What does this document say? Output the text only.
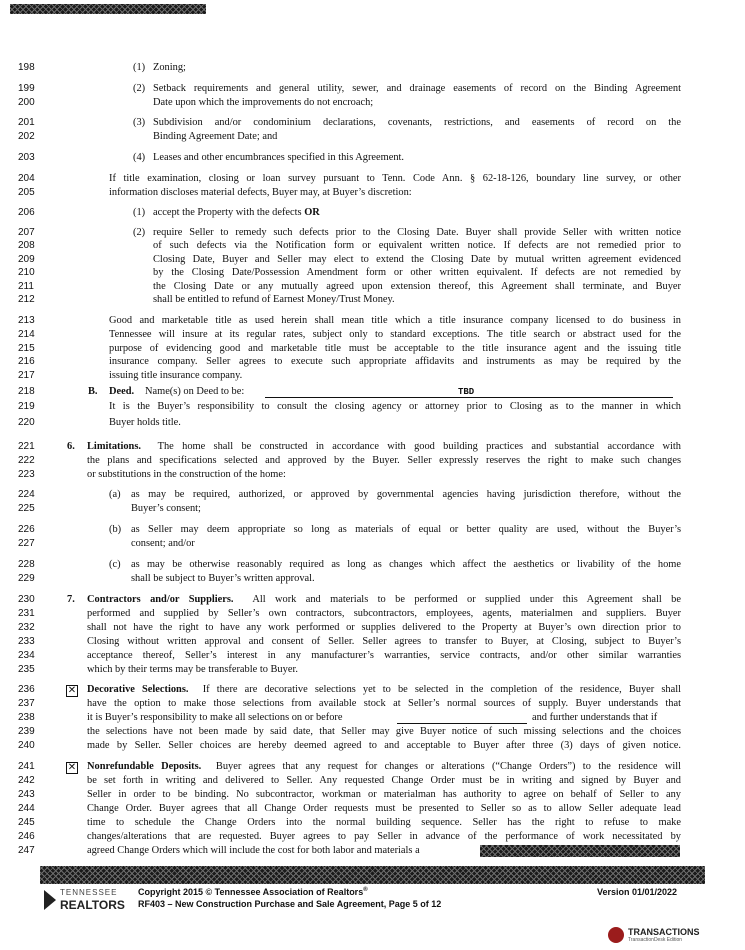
198	(1) Zoning;
199	(2) Setback requirements and general utility, sewer, and drainage easements of record on the Binding Agreement
200	Date upon which the improvements do not encroach;
201	(3) Subdivision and/or condominium declarations, covenants, restrictions, and easements of record on the
202	Binding Agreement Date; and
203	(4) Leases and other encumbrances specified in this Agreement.
204	If title examination, closing or loan survey pursuant to Tenn. Code Ann. § 62-18-126, boundary line survey, or other
205	information discloses material defects, Buyer may, at Buyer’s discretion:
206	(1) accept the Property with the defects OR
207	(2) require Seller to remedy such defects prior to the Closing Date. Buyer shall provide Seller with written notice
208	of such defects via the Notification form or equivalent written notice. If defects are not remedied prior to
209	Closing Date, Buyer and Seller may elect to extend the Closing Date by mutual written agreement evidenced
210	by the Closing Date/Possession Amendment form or other written equivalent. If defects are not remedied by
211	the Closing Date or any mutually agreed upon extension thereof, this Agreement shall terminate, and Buyer
212	shall be entitled to refund of Earnest Money/Trust Money.
213	Good and marketable title as used herein shall mean title which a title insurance company licensed to do business in
214	Tennessee will insure at its regular rates, subject only to standard exceptions. The title search or abstract used for the
215	purpose of evidencing good and marketable title must be acceptable to the title insurance agent and the issuing title
216	insurance company. Seller agrees to execute such appropriate affidavits and instruments as may be required by the
217	issuing title insurance company.
218	B. Deed. Name(s) on Deed to be:	TBD
219	It is the Buyer’s responsibility to consult the closing agency or attorney prior to Closing as to the manner in which
220	Buyer holds title.
221	6. Limitations. The home shall be constructed in accordance with good building practices and substantial accordance with
222	the plans and specifications selected and approved by the Buyer. Seller expressly reserves the right to make such changes
223	or substitutions in the construction of the home:
224	(a) as may be required, authorized, or approved by governmental agencies having jurisdiction therefore, without the
225	Buyer’s consent;
226	(b) as Seller may deem appropriate so long as materials of equal or better quality are used, without the Buyer’s
227	consent; and/or
228	(c) as may be otherwise reasonably required as long as changes which affect the aesthetics or livability of the home
229	shall be subject to Buyer’s written approval.
230	7. Contractors and/or Suppliers. All work and materials to be performed or supplied under this Agreement shall be
231	performed and supplied by Seller’s own contractors, subcontractors, employees, agents, materialmen and suppliers. Buyer
232	shall not have the right to have any work performed or supplies delivered to the Property at Buyer’s own direction prior to
233	Closing without written approval and consent of Seller. Seller agrees to transfer to Buyer, at Closing, subject to Buyer’s
234	acceptance thereof, Seller’s interest in any manufacturer’s warranties, service contracts, and/or other similar warranties
235	which by their terms may be transferable to Buyer.
236	✕ Decorative Selections. If there are decorative selections yet to be selected in the completion of the residence, Buyer shall
237	have the option to make those selections from available stock at Seller’s normal sources of supply. Buyer understands that
238	it is Buyer’s responsibility to make all selections on or before	and further understands that if
239	the selections have not been made by said date, that Seller may give Buyer notice of such missing selections and the choices
240	made by Seller. Seller choices are hereby deemed agreed to and acceptable to Buyer after three (3) days of given notice.
241	✕ Nonrefundable Deposits. Buyer agrees that any request for changes or alterations (“Change Orders”) to the residence will
242	be set forth in writing and delivered to Seller. Any requested Change Order must be in writing and signed by Buyer and
243	Seller in order to be binding. No subcontractor, workman or materialman has authority to agree on behalf of Seller to any
244	Change Order. Buyer agrees that all Change Order requests must be presented to Seller so as to allow Seller adequate lead
245	time to schedule the Change Orders into the normal building sequence. Seller has the right to refuse to make
246	changes/alterations that are requested. Buyer agrees to pay Seller in advance of the performance of work necessitated by
247	agreed Change Orders which will include the cost for both labor and materials a
TENNESSEE
REALTORS
Copyright 2015 © Tennessee Association of Realtors®
RF403 – New Construction Purchase and Sale Agreement, Page 5 of 12
Version 01/01/2022
TRANSACTIONS
TransactionDesk Edition
